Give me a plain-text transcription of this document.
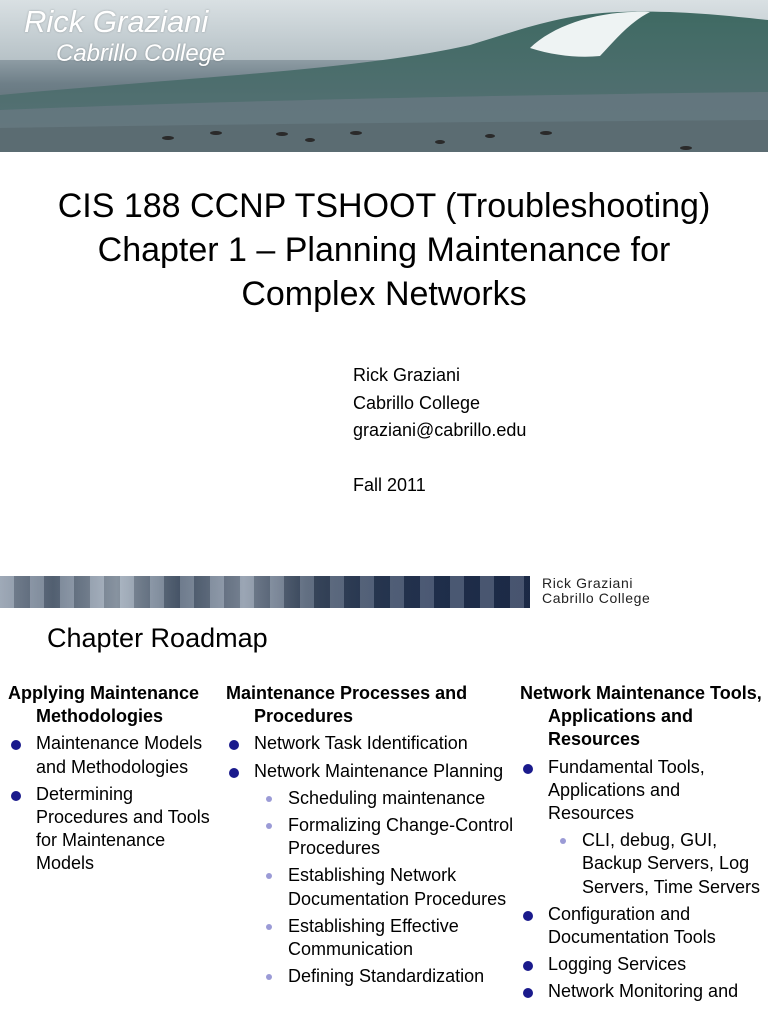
Rick Graziani
Cabrillo College
CIS 188 CCNP TSHOOT (Troubleshooting)
Chapter 1 – Planning Maintenance for
Complex Networks
Rick Graziani
Cabrillo College
graziani@cabrillo.edu
Fall 2011
Rick Graziani
Cabrillo College
Chapter Roadmap
Applying Maintenance Methodologies
Maintenance Models and Methodologies
Determining Procedures and Tools for Maintenance Models
Maintenance Processes and Procedures
Network Task Identification
Network Maintenance Planning
Scheduling maintenance
Formalizing Change-Control Procedures
Establishing Network Documentation Procedures
Establishing Effective Communication
Defining Standardization
Network Maintenance Tools, Applications and Resources
Fundamental Tools, Applications and Resources
CLI, debug, GUI, Backup Servers, Log Servers, Time Servers
Configuration and Documentation Tools
Logging Services
Network Monitoring and
